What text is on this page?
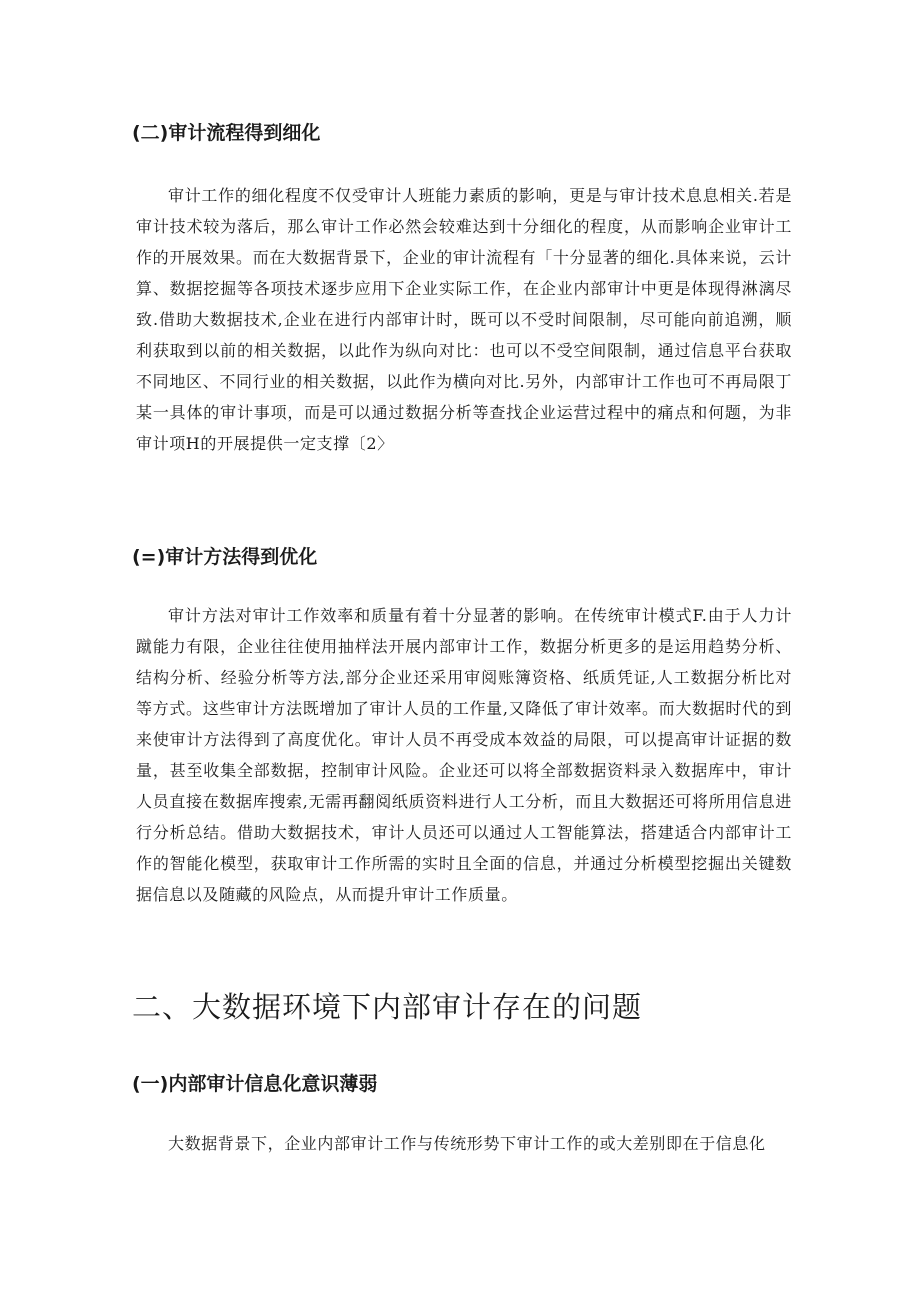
(二)审计流程得到细化

审计工作的细化程度不仅受审计人班能力素质的影响，更是与审计技术息息相关.若是审计技术较为落后，那么审计工作必然会较难达到十分细化的程度，从而影响企业审计工作的开展效果。而在大数据背景下，企业的审计流程有「十分显著的细化.具体来说，云计算、数据挖掘等各项技术逐步应用下企业实际工作，在企业内部审计中更是体现得淋漓尽致.借助大数据技术,企业在进行内部审计时，既可以不受时间限制，尽可能向前追溯，顺利获取到以前的相关数据，以此作为纵向对比：也可以不受空间限制，通过信息平台获取不同地区、不同行业的相关数据，以此作为横向对比.另外，内部审计工作也可不再局限丁某一具体的审计事项，而是可以通过数据分析等查找企业运营过程中的痛点和何题，为非审计项H的开展提供一定支撑〔2〉

(=)审计方法得到优化

审计方法对审计工作效率和质量有着十分显著的影响。在传统审计模式F.由于人力计蹴能力有限，企业往往使用抽样法开展内部审计工作，数据分析更多的是运用趋势分析、结构分析、经验分析等方法,部分企业还采用审阅账簿资格、纸质凭证,人工数据分析比对等方式。这些审计方法既增加了审计人员的工作量,又降低了审计效率。而大数据时代的到来使审计方法得到了高度优化。审计人员不再受成本效益的局限，可以提高审计证据的数量，甚至收集全部数据，控制审计风险。企业还可以将全部数据资料录入数据库中，审计人员直接在数据库搜索,无需再翻阅纸质资料进行人工分析，而且大数据还可将所用信息进行分析总结。借助大数据技术，审计人员还可以通过人工智能算法，搭建适合内部审计工作的智能化模型，获取审计工作所需的实时且全面的信息，并通过分析模型挖掘出关键数据信息以及随藏的风险点，从而提升审计工作质量。

二、大数据环境下内部审计存在的问题
(一)内部审计信息化意识薄弱

大数据背景下，企业内部审计工作与传统形势下审计工作的或大差别即在于信息化
